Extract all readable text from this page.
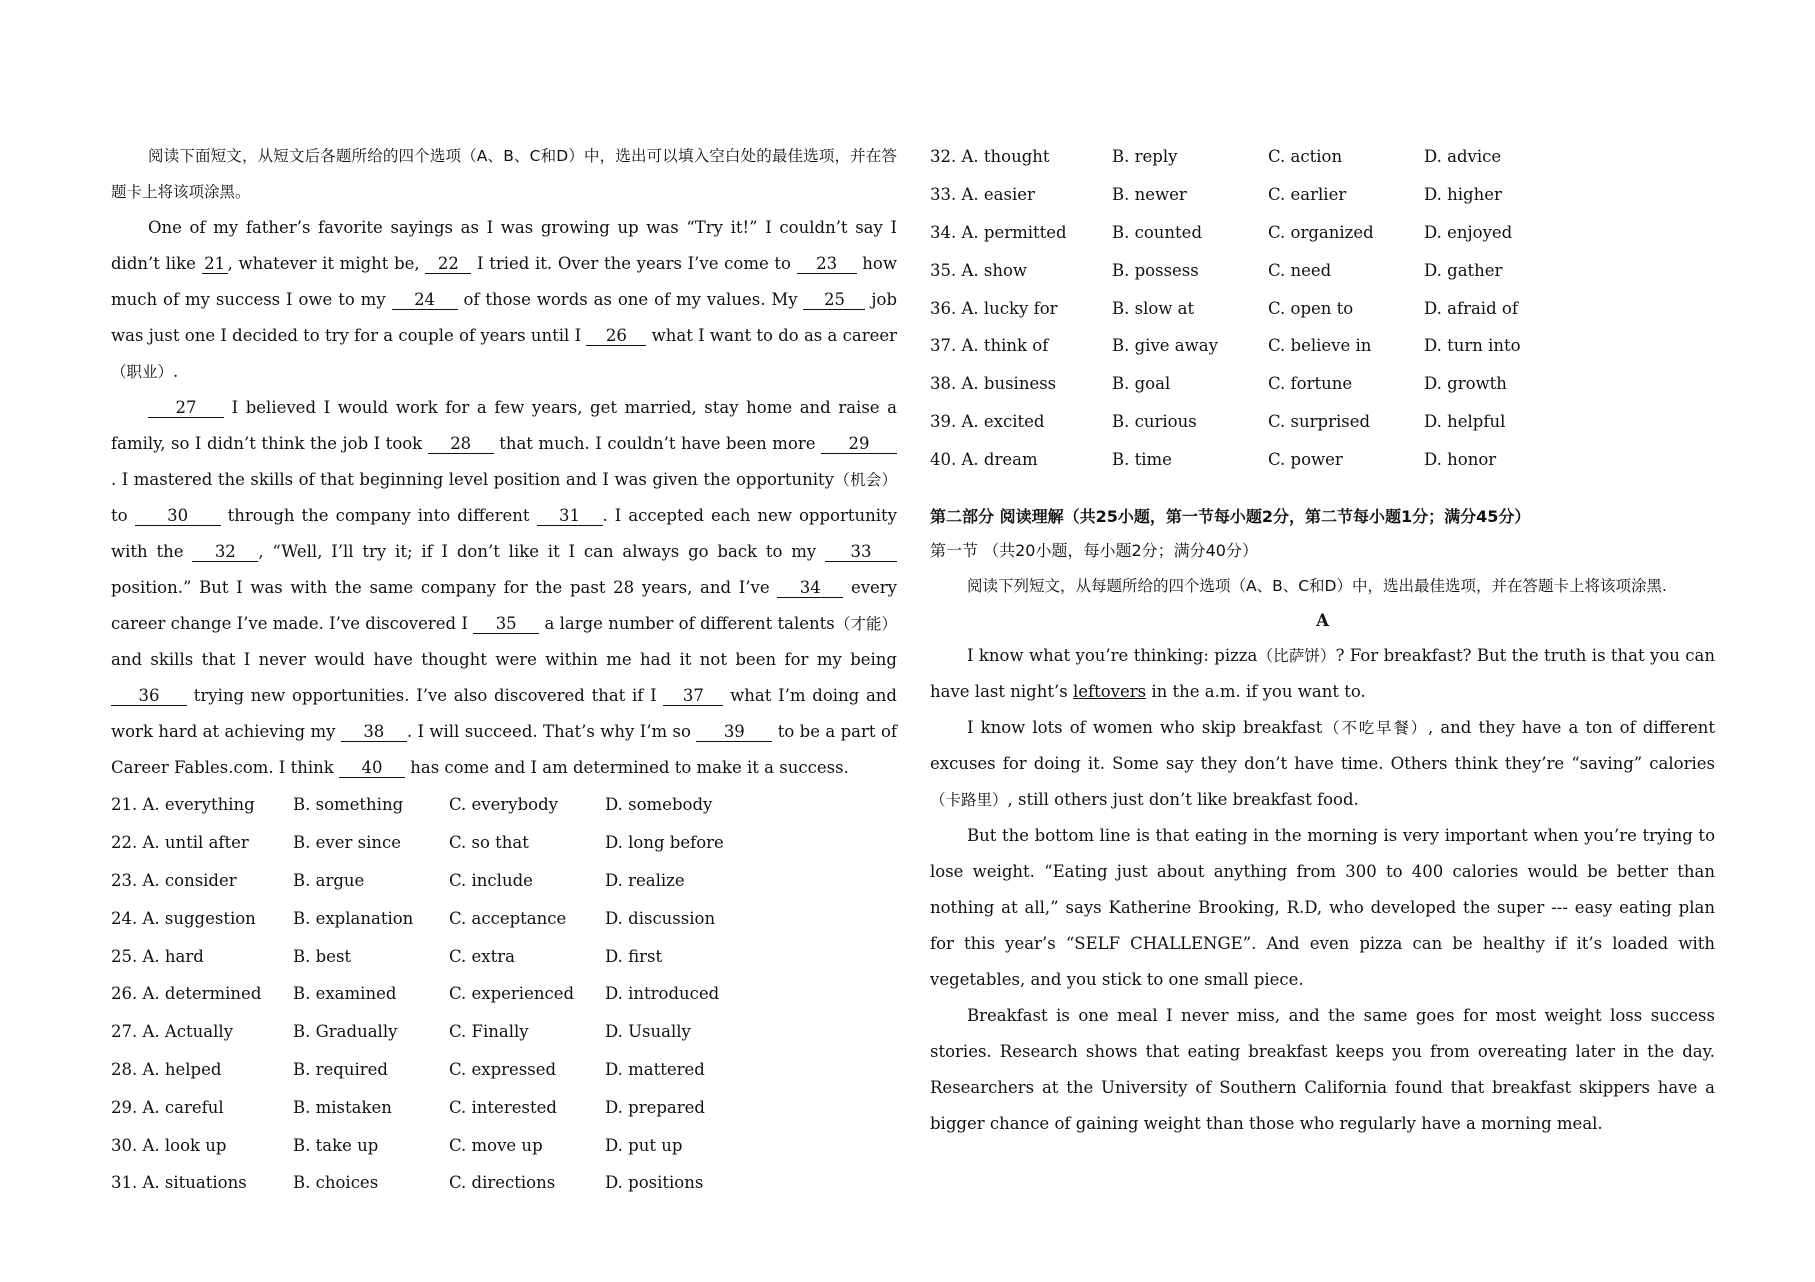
阅读下面短文，从短文后各题所给的四个选项（A、B、C和D）中，选出可以填入空白处的最佳选项，并在答题卡上将该项涂黑。

One of my father’s favorite sayings as I was growing up was “Try it!” I couldn’t say I didn’t like 21 , whatever it might be, 22 I tried it. Over the years I’ve come to 23 how much of my success I owe to my 24 of those words as one of my values. My 25 job was just one I decided to try for a couple of years until I 26 what I want to do as a career（职业）.

27 I believed I would work for a few years, get married, stay home and raise a family, so I didn’t think the job I took 28 that much. I couldn’t have been more 29. I mastered the skills of that beginning level position and I was given the opportunity（机会）to 30 through the company into different 31 . I accepted each new opportunity with the 32 , “Well, I’ll try it; if I don’t like it I can always go back to my 33 position.” But I was with the same company for the past 28 years, and I’ve 34 every career change I’ve made. I’ve discovered I 35 a large number of different talents（才能）and skills that I never would have thought were within me had it not been for my being 36 trying new opportunities. I’ve also discovered that if I 37 what I’m doing and work hard at achieving my 38 . I will succeed. That’s why I’m so 39 to be a part of Career Fables.com. I think 40 has come and I am determined to make it a success.

21. A. everything	B. something	C. everybody	D. somebody
22. A. until after	B. ever since	C. so that	D. long before
23. A. consider	B. argue	C. include	D. realize
24. A. suggestion	B. explanation	C. acceptance	D. discussion
25. A. hard	B. best	C. extra	D. first
26. A. determined	B. examined	C. experienced	D. introduced
27. A. Actually	B. Gradually	C. Finally	D. Usually
28. A. helped	B. required	C. expressed	D. mattered
29. A. careful	B. mistaken	C. interested	D. prepared
30. A. look up	B. take up	C. move up	D. put up
31. A. situations	B. choices	C. directions	D. positions
32. A. thought	B. reply	C. action	D. advice
33. A. easier	B. newer	C. earlier	D. higher
34. A. permitted	B. counted	C. organized	D. enjoyed
35. A. show	B. possess	C. need	D. gather
36. A. lucky for	B. slow at	C. open to	D. afraid of
37. A. think of	B. give away	C. believe in	D. turn into
38. A. business	B. goal	C. fortune	D. growth
39. A. excited	B. curious	C. surprised	D. helpful
40. A. dream	B. time	C. power	D. honor
第二部分 阅读理解（共25小题，第一节每小题2分，第二节每小题1分；满分45分）
第一节 （共20小题，每小题2分；满分40分）

阅读下列短文，从每题所给的四个选项（A、B、C和D）中，选出最佳选项，并在答题卡上将该项涂黑.

A

I know what you’re thinking: pizza（比萨饼）? For breakfast? But the truth is that you can have last night’s leftovers in the a.m. if you want to.

I know lots of women who skip breakfast（不吃早餐）, and they have a ton of different excuses for doing it. Some say they don’t have time. Others think they’re “saving” calories（卡路里）, still others just don’t like breakfast food.

But the bottom line is that eating in the morning is very important when you’re trying to lose weight. “Eating just about anything from 300 to 400 calories would be better than nothing at all,” says Katherine Brooking, R.D, who developed the super --- easy eating plan for this year’s “SELF CHALLENGE”. And even pizza can be healthy if it’s loaded with vegetables, and you stick to one small piece.

Breakfast is one meal I never miss, and the same goes for most weight loss success stories. Research shows that eating breakfast keeps you from overeating later in the day. Researchers at the University of Southern California found that breakfast skippers have a bigger chance of gaining weight than those who regularly have a morning meal.
